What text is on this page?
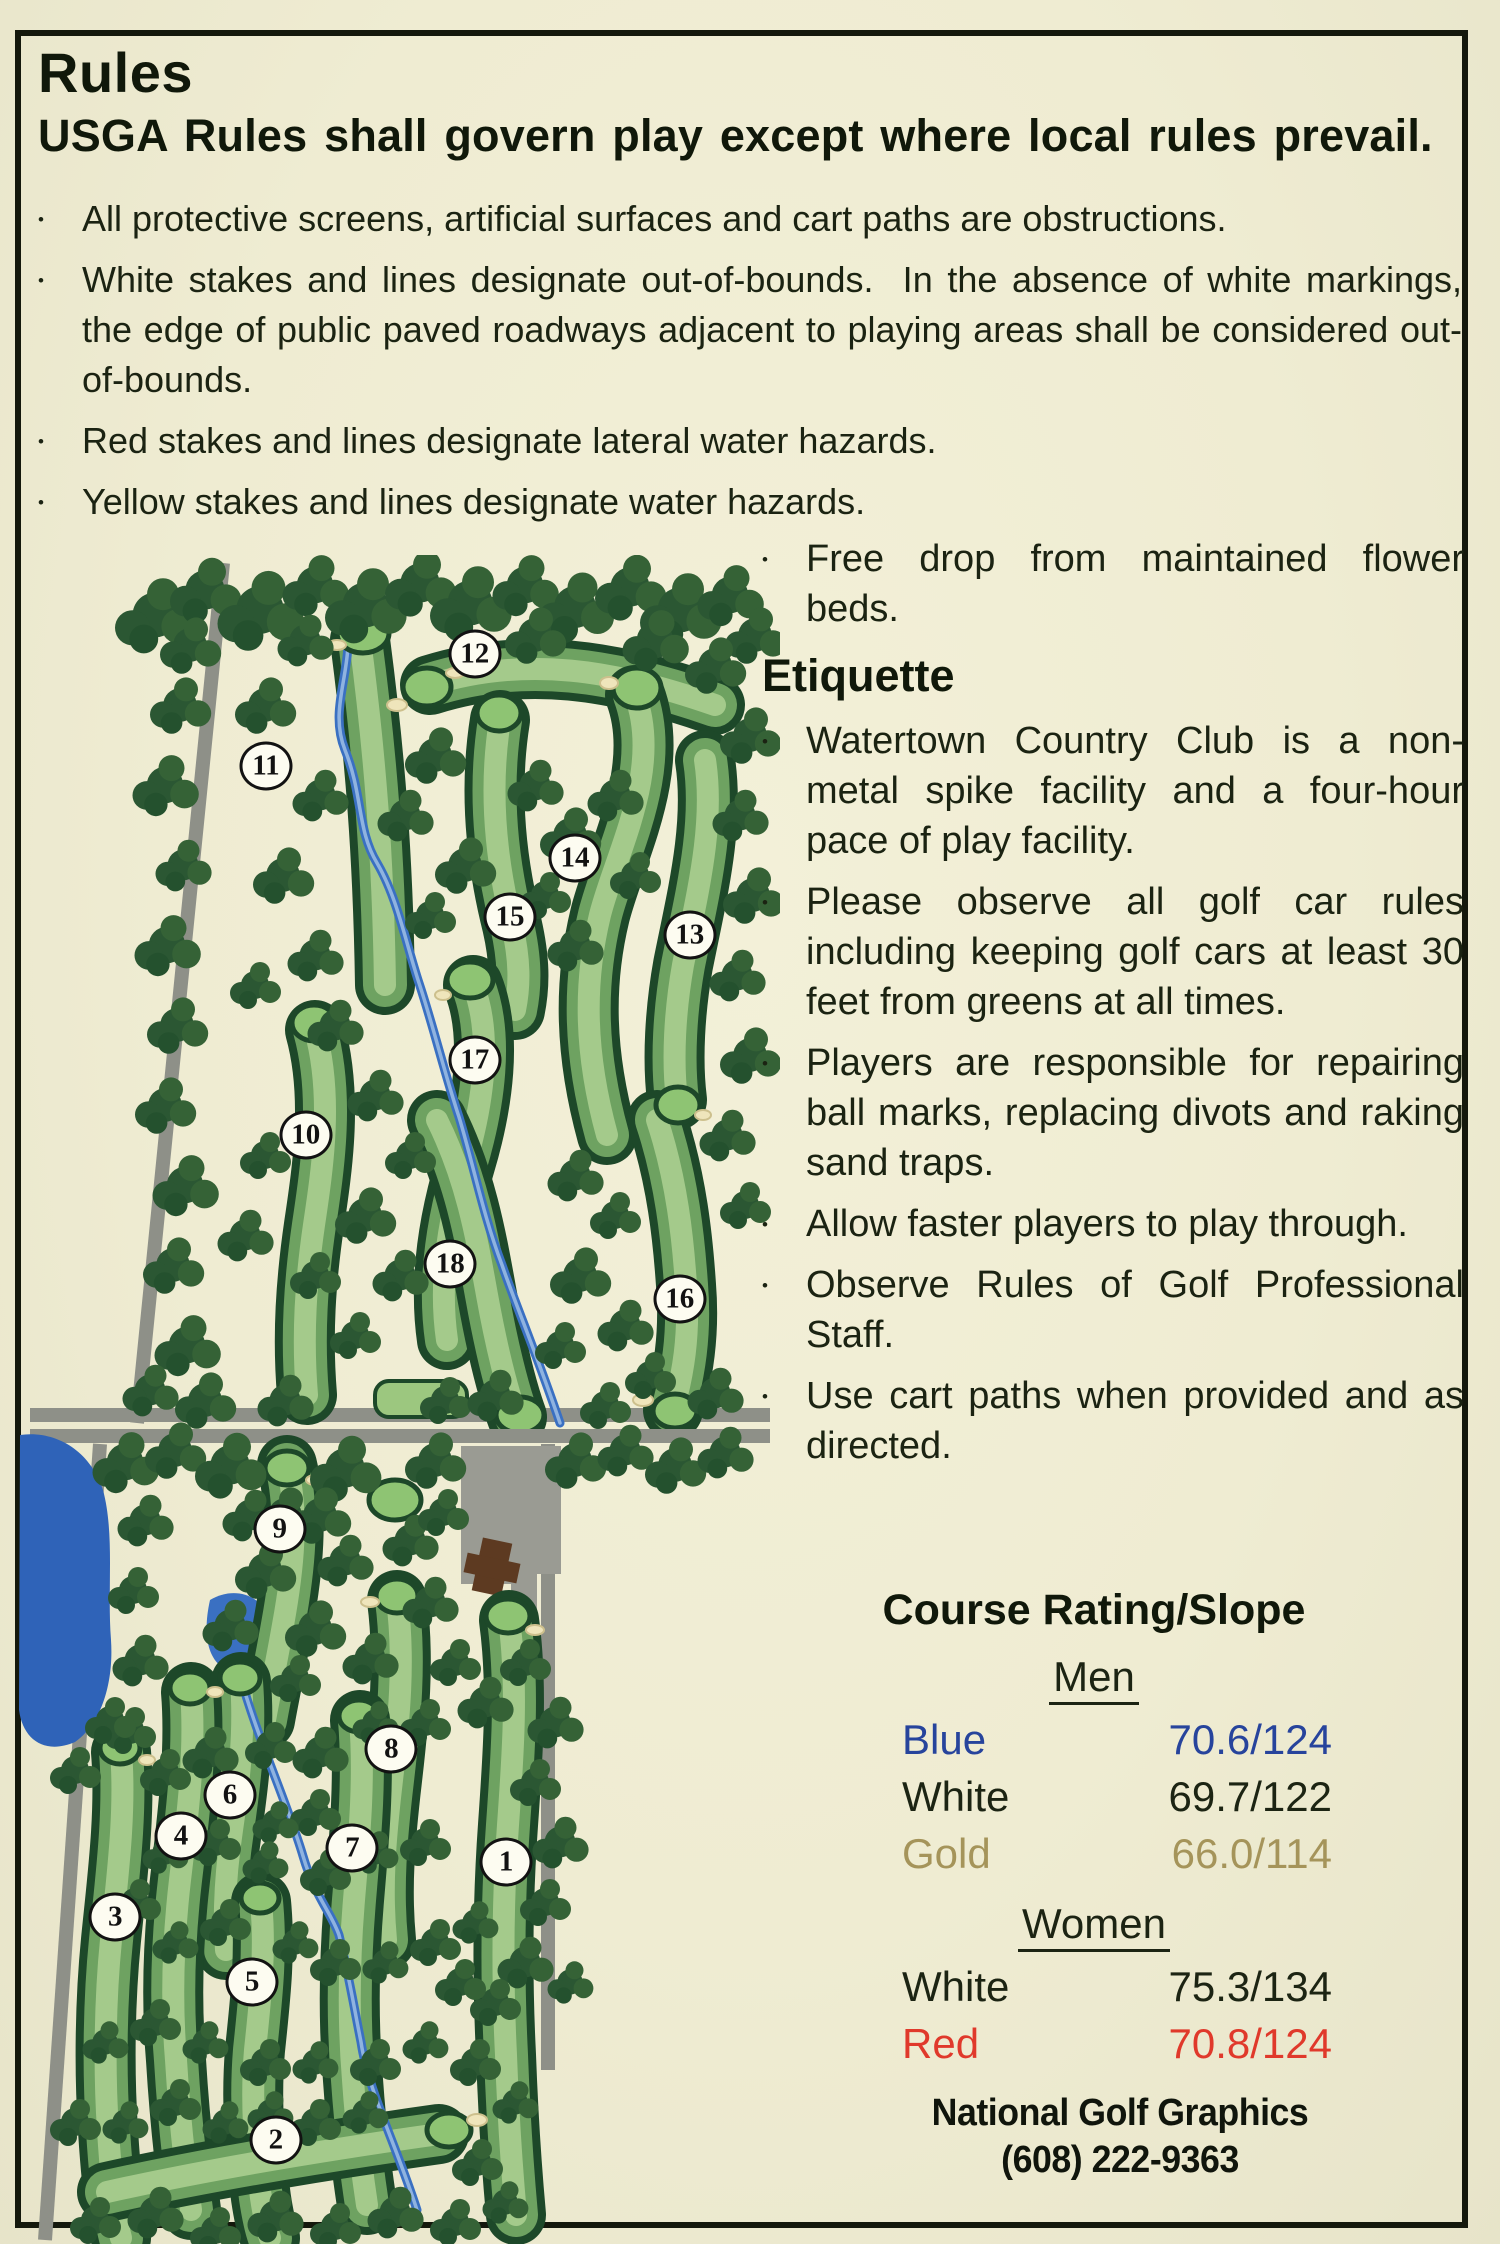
Rules
USGA Rules shall govern play except where local rules prevail.
•	All protective screens, artificial surfaces and cart paths are obstructions.

•	White stakes and lines designate out-of-bounds.  In the absence of white markings, the edge of public paved roadways adjacent to playing areas shall be considered out-of-bounds.

•	Red stakes and lines designate lateral water hazards.

•	Yellow stakes and lines designate water hazards.

•	Free drop from maintained flower beds.

Etiquette
•	Watertown Country Club is a non-metal spike facility and a four-hour pace of play facility.

•	Please observe all golf car rules including keeping golf cars at least 30 feet from greens at all times.

•	Players are responsible for repairing ball marks, replacing divots and raking sand traps.

•	Allow faster players to play through.

•	Observe Rules of Golf Professional Staff.

•	Use cart paths when provided and as directed.

Course Rating/Slope

Men
Blue	70.6/124
White	69.7/122
Gold	66.0/114
Women
White	75.3/134
Red	70.8/124
National Golf Graphics
(608) 222-9363
12
11
14
15
13
17
10
18
16
9
8
6
4	7	1
3
5
2
